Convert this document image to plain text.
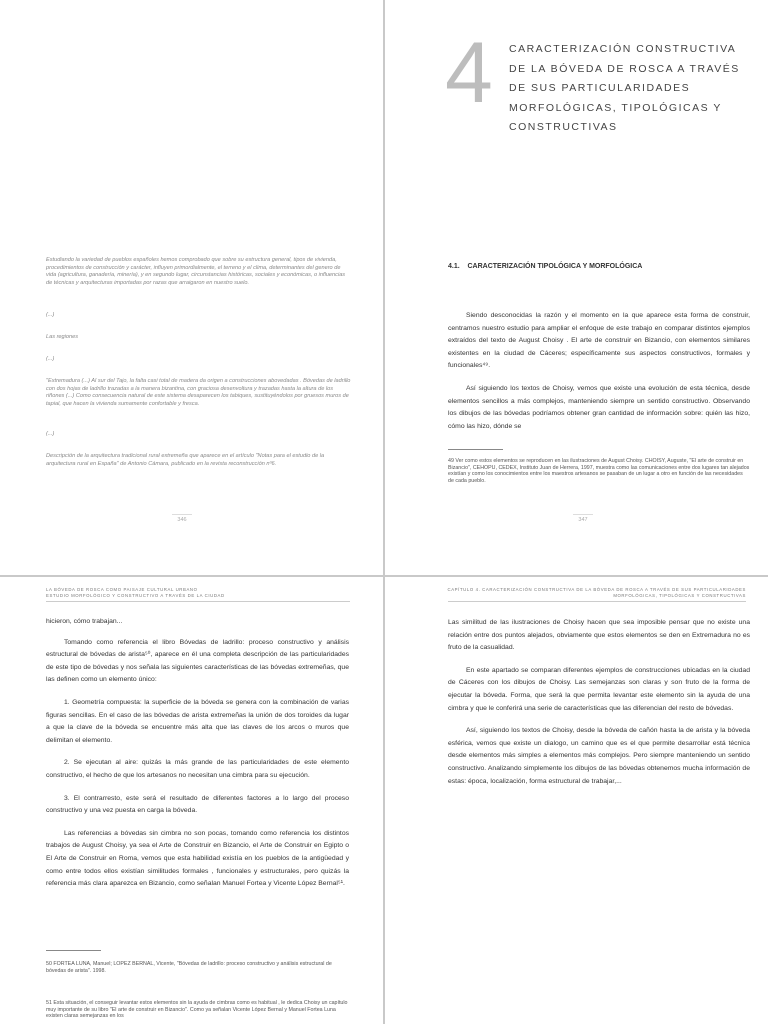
Estudiando la variedad de pueblos españoles hemos comprobado que sobre su estructura general, tipos de vivienda, procedimientos de construcción y carácter, influyen primordialmente, el terreno y el clima, determinantes del genero de vida (agricultura, ganadería, minería), y en segundo lugar, circunstancias históricas, sociales y económicas, o influencias de técnicas y arquitecturas importadas por razas que arraigaron en nuestro suelo.
(...)
Las regiones
(...)
"Extremadura (...) Al sur del Tajo, la falta casi total de madera da origen a construcciones abovedadas . Bóvedas de ladrillo con dos hojas de ladrillo trazadas a la manera bizantina, con graciosa desenvoltura y trazadas hasta la altura de los riñones (...) Como consecuencia natural de este sistema desaparecen los tabiques, sustituyéndolos por gruesos muros de tapial, que hacen la vivienda sumamente confortable y fresca.
(...)
Descripción de la arquitectura tradicional rural extremeña que aparece en el artículo "Notas para el estudio de la arquitectura rural en España" de Antonio Cámara, publicado en la revista reconstrucción nº6.
346
4 CARACTERIZACIÓN CONSTRUCTIVA
DE LA BÓVEDA DE ROSCA A TRAVÉS
DE SUS PARTICULARIDADES
MORFOLÓGICAS, TIPOLÓGICAS Y
CONSTRUCTIVAS
4.1. CARACTERIZACIÓN TIPOLÓGICA Y MORFOLÓGICA

Siendo desconocidas la razón y el momento en la que aparece esta forma de construir, centramos nuestro estudio para ampliar el enfoque de este trabajo en comparar distintos ejemplos extraídos del texto de August Choisy . El arte de construir en Bizancio, con elementos similares existentes en la ciudad de Cáceres; específicamente sus aspectos constructivos, formales y funcionales⁴⁹.

Así siguiendo los textos de Choisy, vemos que existe una evolución de esta técnica, desde elementos sencillos a más complejos, manteniendo siempre un sentido constructivo. Observando los dibujos de las bóvedas podríamos obtener gran cantidad de información sobre: quién las hizo, cómo las hizo, dónde se

49 Ver como estos elementos se reproducen en las ilustraciones de August Choisy. CHOISY, Auguste, "El arte de construir en Bizancio", CEHOPU, CEDEX, Instituto Juan de Herrera, 1997, muestra como las comunicaciones entre dos lugares tan alejados existían y como los conocimientos entre los maestros artesanos se pasaban de un lugar a otro en función de las necesidades de cada pueblo.
347
LA BÓVEDA DE ROSCA COMO PAISAJE CULTURAL URBANO
ESTUDIO MORFOLÓGICO Y CONSTRUCTIVO A TRAVÉS DE LA CIUDAD

hicieron, cómo trabajan...

Tomando como referencia el libro Bóvedas de ladrillo: proceso constructivo y análisis estructural de bóvedas de arista⁵⁰, aparece en él una completa descripción de las particularidades de este tipo de bóvedas y nos señala las siguientes características de las bóvedas extremeñas, que las definen como un elemento único:

1. Geometría compuesta: la superficie de la bóveda se genera con la combinación de varias figuras sencillas. En el caso de las bóvedas de arista extremeñas la unión de dos toroides da lugar a que la clave de la bóveda se encuentre más alta que las claves de los arcos o muros que delimitan el elemento.

2. Se ejecutan al aire: quizás la más grande de las particularidades de este elemento constructivo, el hecho de que los artesanos no necesitan una cimbra para su ejecución.

3. El contrarresto, este será el resultado de diferentes factores a lo largo del proceso constructivo y una vez puesta en carga la bóveda.

Las referencias a bóvedas sin cimbra no son pocas, tomando como referencia los distintos trabajos de August Choisy, ya sea el Arte de Construir en Bizancio, el Arte de Construir en Egipto o El Arte de Construir en Roma, vemos que esta habilidad existía en los pueblos de la antigüedad y como entre todos ellos existían similitudes formales , funcionales y estructurales, pero quizás la referencia más clara aparezca en Bizancio, como señalan Manuel Fortea y Vicente López Bernal⁵¹.

50 FORTEA LUNA, Manuel; LOPEZ BERNAL, Vicente, "Bóvedas de ladrillo: proceso constructivo y análisis estructural de bóvedas de arista". 1998.
51 Esta situación, el conseguir levantar estos elementos sin la ayuda de cimbras como es habitual , le dedica Choisy un capítulo muy importante de su libro "El arte de construir en Bizancio". Como ya señalan Vicente López Bernal y Manuel Fortea Luna existen claras semejanzas en los
CAPÍTULO 4. CARACTERIZACIÓN CONSTRUCTIVA DE LA BÓVEDA DE ROSCA A TRAVÉS DE SUS PARTICULARIDADES
MORFOLÓGICAS, TIPOLÓGICAS Y CONSTRUCTIVAS

Las similitud de las ilustraciones de Choisy hacen que sea imposible pensar que no existe una relación entre dos puntos alejados, obviamente que estos elementos se den en Extremadura no es fruto de la casualidad.

En este apartado se comparan diferentes ejemplos de construcciones ubicadas en la ciudad de Cáceres con los dibujos de Choisy. Las semejanzas son claras y son fruto de la forma de ejecutar la bóveda. Forma, que será la que permita levantar este elemento sin la ayuda de una cimbra y que le conferirá una serie de características que las diferencian del resto de bóvedas.

Así, siguiendo los textos de Choisy, desde la bóveda de cañón hasta la de arista y la bóveda esférica, vemos que existe un dialogo, un camino que es el que permite desarrollar está técnica desde elementos más simples a elementos más complejos. Pero siempre manteniendo un sentido constructivo. Analizando simplemente los dibujos de las bóvedas obtenemos mucha información de estas: época, localización, forma estructural de trabajar,...
